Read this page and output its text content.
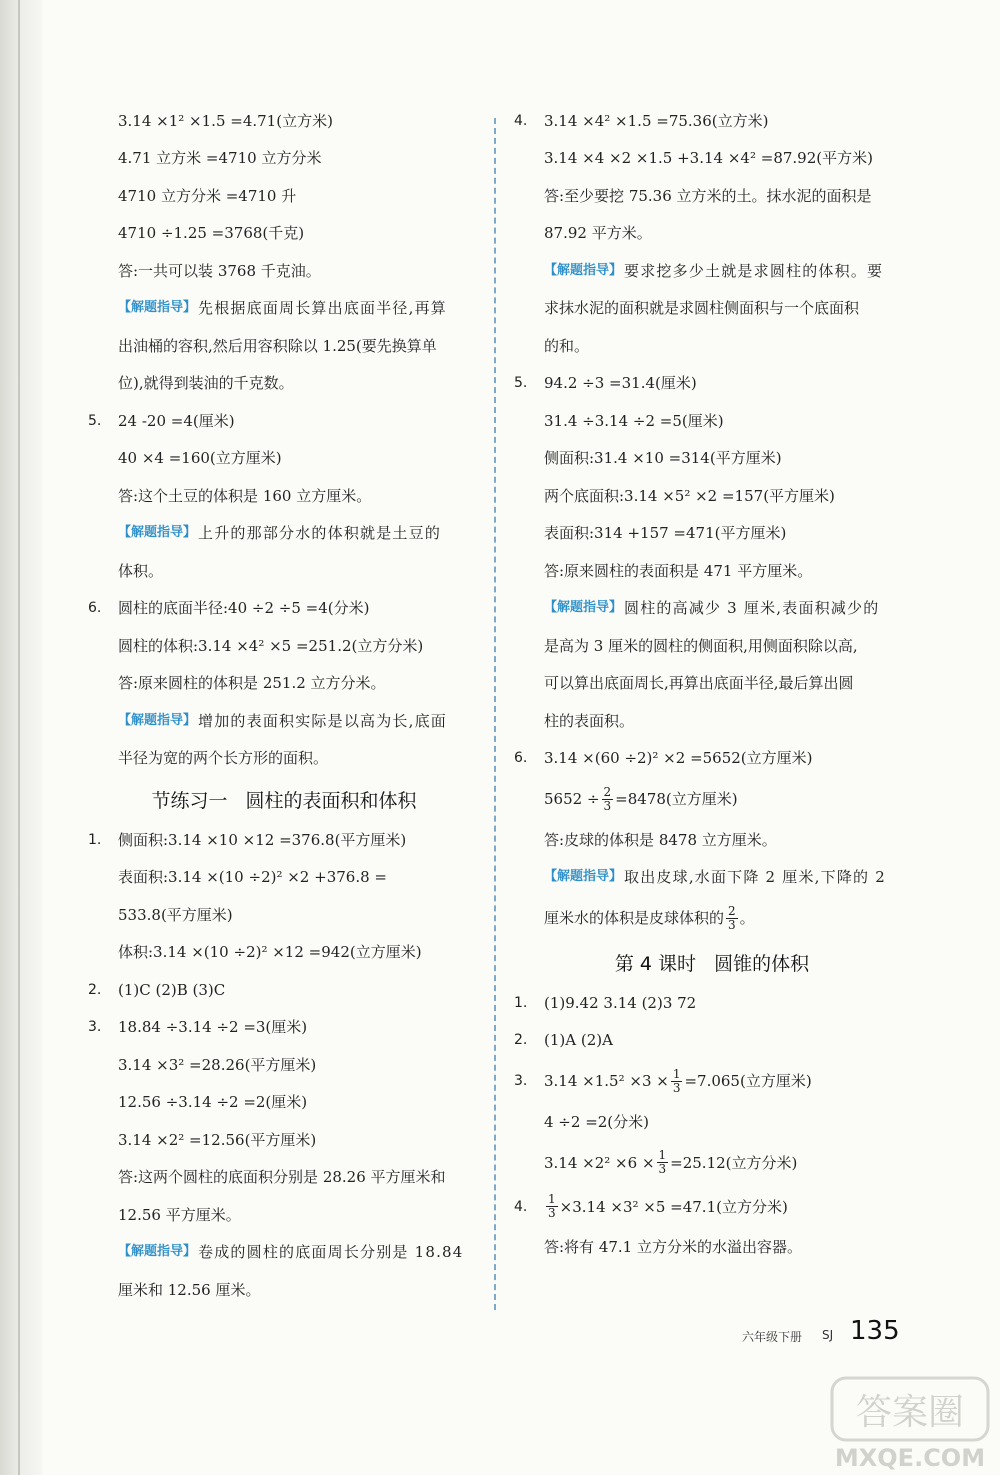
3.14 ×1² ×1.5 =4.71(立方米)
4.71 立方米 =4710 立方分米
4710 立方分米 =4710 升
4710 ÷1.25 =3768(千克)
答:一共可以装 3768 千克油。
【解题指导】 先根据底面周长算出底面半径,再算
出油桶的容积,然后用容积除以 1.25(要先换算单
位),就得到装油的千克数。
5.	24 -20 =4(厘米)
40 ×4 =160(立方厘米)
答:这个土豆的体积是 160 立方厘米。
【解题指导】 上升的那部分水的体积就是土豆的
体积。
6.	圆柱的底面半径:40 ÷2 ÷5 =4(分米)
圆柱的体积:3.14 ×4² ×5 =251.2(立方分米)
答:原来圆柱的体积是 251.2 立方分米。
【解题指导】 增加的表面积实际是以高为长,底面
半径为宽的两个长方形的面积。
节练习一   圆柱的表面积和体积
1.	侧面积:3.14 ×10 ×12 =376.8(平方厘米)
表面积:3.14 ×(10 ÷2)² ×2 +376.8 =
533.8(平方厘米)
体积:3.14 ×(10 ÷2)² ×12 =942(立方厘米)
2.	(1)C (2)B (3)C
3.	18.84 ÷3.14 ÷2 =3(厘米)
3.14 ×3² =28.26(平方厘米)
12.56 ÷3.14 ÷2 =2(厘米)
3.14 ×2² =12.56(平方厘米)
答:这两个圆柱的底面积分别是 28.26 平方厘米和
12.56 平方厘米。
【解题指导】 卷成的圆柱的底面周长分别是 18.84
厘米和 12.56 厘米。
4.	3.14 ×4² ×1.5 =75.36(立方米)
3.14 ×4 ×2 ×1.5 +3.14 ×4² =87.92(平方米)
答:至少要挖 75.36 立方米的土。抹水泥的面积是
87.92 平方米。
【解题指导】 要求挖多少土就是求圆柱的体积。要
求抹水泥的面积就是求圆柱侧面积与一个底面积
的和。
5.	94.2 ÷3 =31.4(厘米)
31.4 ÷3.14 ÷2 =5(厘米)
侧面积:31.4 ×10 =314(平方厘米)
两个底面积:3.14 ×5² ×2 =157(平方厘米)
表面积:314 +157 =471(平方厘米)
答:原来圆柱的表面积是 471 平方厘米。
【解题指导】 圆柱的高减少 3 厘米,表面积减少的
是高为 3 厘米的圆柱的侧面积,用侧面积除以高,
可以算出底面周长,再算出底面半径,最后算出圆
柱的表面积。
6.	3.14 ×(60 ÷2)² ×2 =5652(立方厘米)
$5652 \div \frac{2}{3} =8478$(立方厘米)
答:皮球的体积是 8478 立方厘米。
【解题指导】 取出皮球,水面下降 2 厘米,下降的 2
厘米水的体积是皮球体积的 $\frac{2}{3}$ 。
第 4 课时   圆锥的体积
1.	(1)9.42 3.14 (2)3 72
2.	(1)A (2)A
3.	$3.14 \times 1.5^2 \times 3 \times \frac{1}{3} =7.065$(立方厘米)
4 ÷2 =2(分米)
$3.14 \times 2^2 \times 6 \times \frac{1}{3} =25.12$(立方分米)
4.	$\frac{1}{3} \times 3.14 \times 3^2 \times 5 =47.1$(立方分米)
答:将有 47.1 立方分米的水溢出容器。
六年级下册 SJ 135
答案圈
MXQE.COM
